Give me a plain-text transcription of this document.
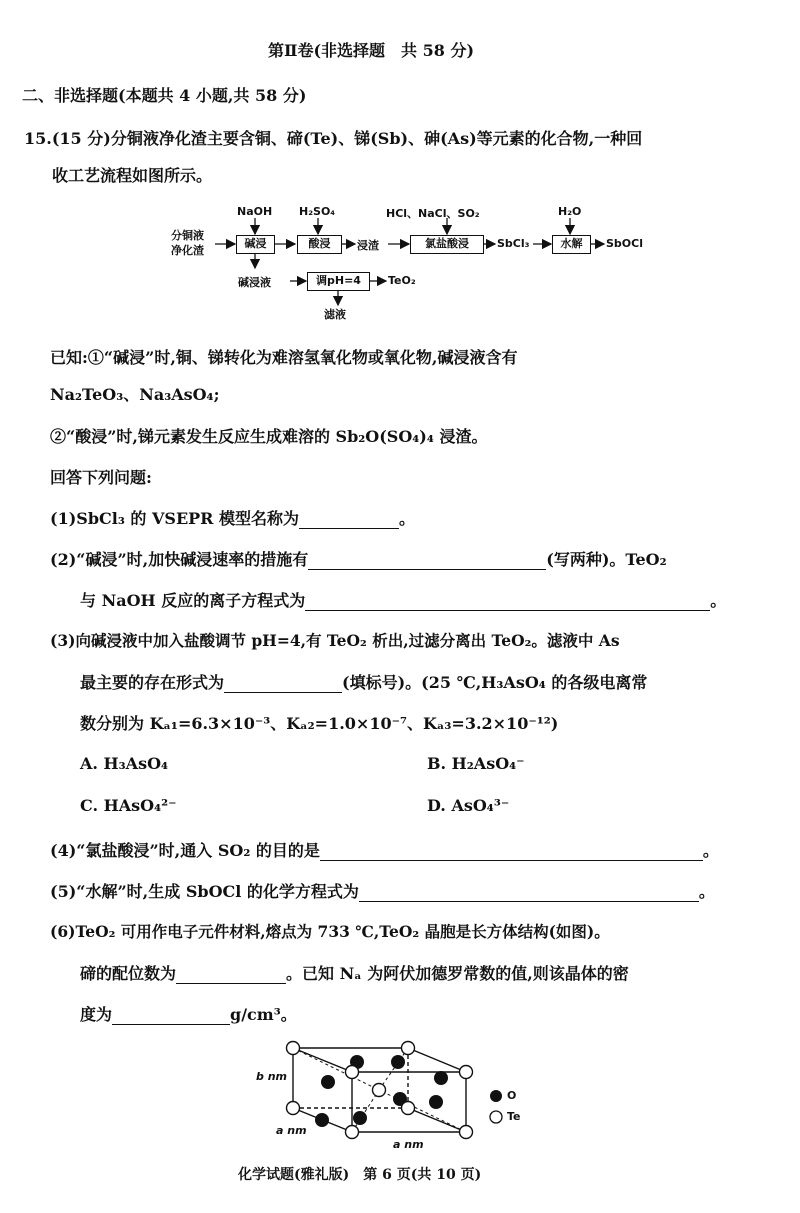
第Ⅱ卷(非选择题　共 58 分)
二、非选择题(本题共 4 小题,共 58 分)
15.(15 分)分铜液净化渣主要含铜、碲(Te)、锑(Sb)、砷(As)等元素的化合物,一种回
收工艺流程如图所示。
分铜液
净化渣
NaOH H₂SO₄	HCl、NaCl、SO₂	H₂O
碱浸	酸浸	浸渣	氯盐酸浸	SbCl₃	水解	SbOCl
碱浸液	调pH=4	TeO₂
滤液
已知:①“碱浸”时,铜、锑转化为难溶氢氧化物或氧化物,碱浸液含有
Na₂TeO₃、Na₃AsO₄;
②“酸浸”时,锑元素发生反应生成难溶的 Sb₂O(SO₄)₄ 浸渣。
回答下列问题:
(1)SbCl₃ 的 VSEPR 模型名称为	。
(2)“碱浸”时,加快碱浸速率的措施有	(写两种)。TeO₂
与 NaOH 反应的离子方程式为	。
(3)向碱浸液中加入盐酸调节 pH=4,有 TeO₂ 析出,过滤分离出 TeO₂。滤液中 As
最主要的存在形式为	(填标号)。(25 ℃,H₃AsO₄ 的各级电离常
数分别为 Kₐ₁=6.3×10⁻³、Kₐ₂=1.0×10⁻⁷、Kₐ₃=3.2×10⁻¹²)
A. H₃AsO₄	B. H₂AsO₄⁻
C. HAsO₄²⁻	D. AsO₄³⁻
(4)“氯盐酸浸”时,通入 SO₂ 的目的是	。
(5)“水解”时,生成 SbOCl 的化学方程式为	。
(6)TeO₂ 可用作电子元件材料,熔点为 733 ℃,TeO₂ 晶胞是长方体结构(如图)。
碲的配位数为	。已知 Nₐ 为阿伏加德罗常数的值,则该晶体的密
度为	g/cm³。
b nm
a nm
a nm
O
Te
化学试题(雅礼版)　第 6 页(共 10 页)
